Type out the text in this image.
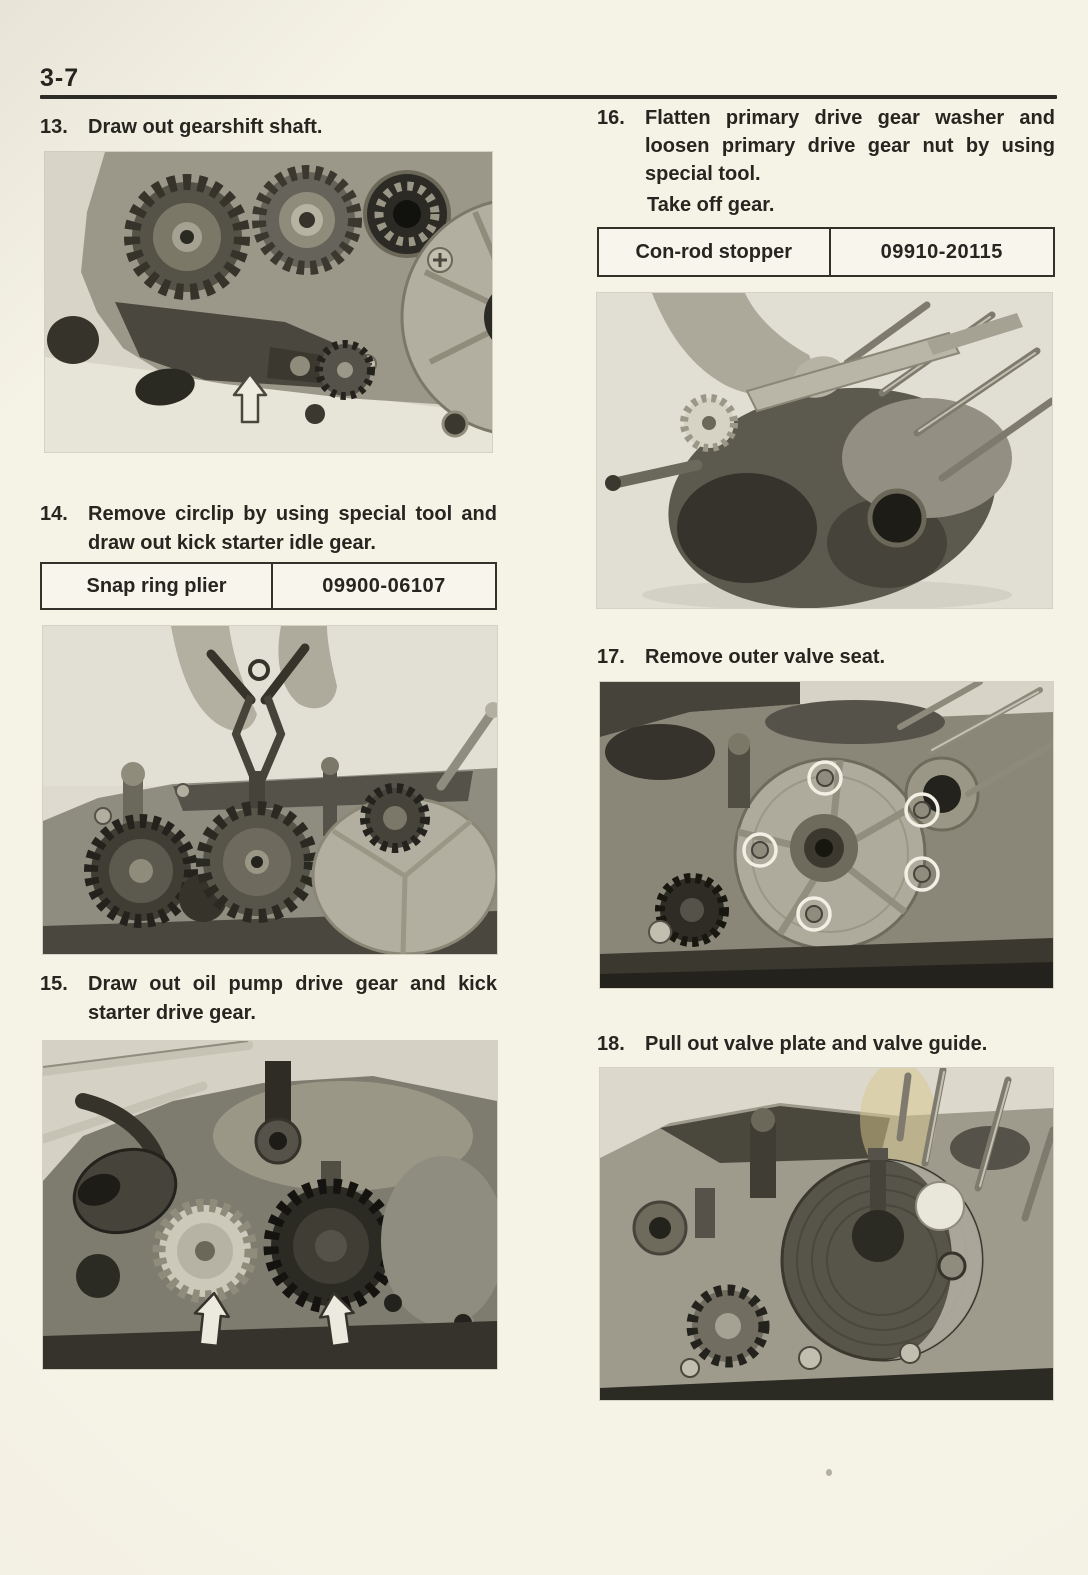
3-7
13.	Draw out gearshift shaft.
14.	Remove circlip by using special tool and draw out kick starter idle gear.
Snap ring plier	09900-06107
15.	Draw out oil pump drive gear and kick starter drive gear.
16.	Flatten primary drive gear washer and loosen primary drive gear nut by using special tool.
Take off gear.
Con-rod stopper	09910-20115
17.	Remove outer valve seat.
18.	Pull out valve plate and valve guide.
